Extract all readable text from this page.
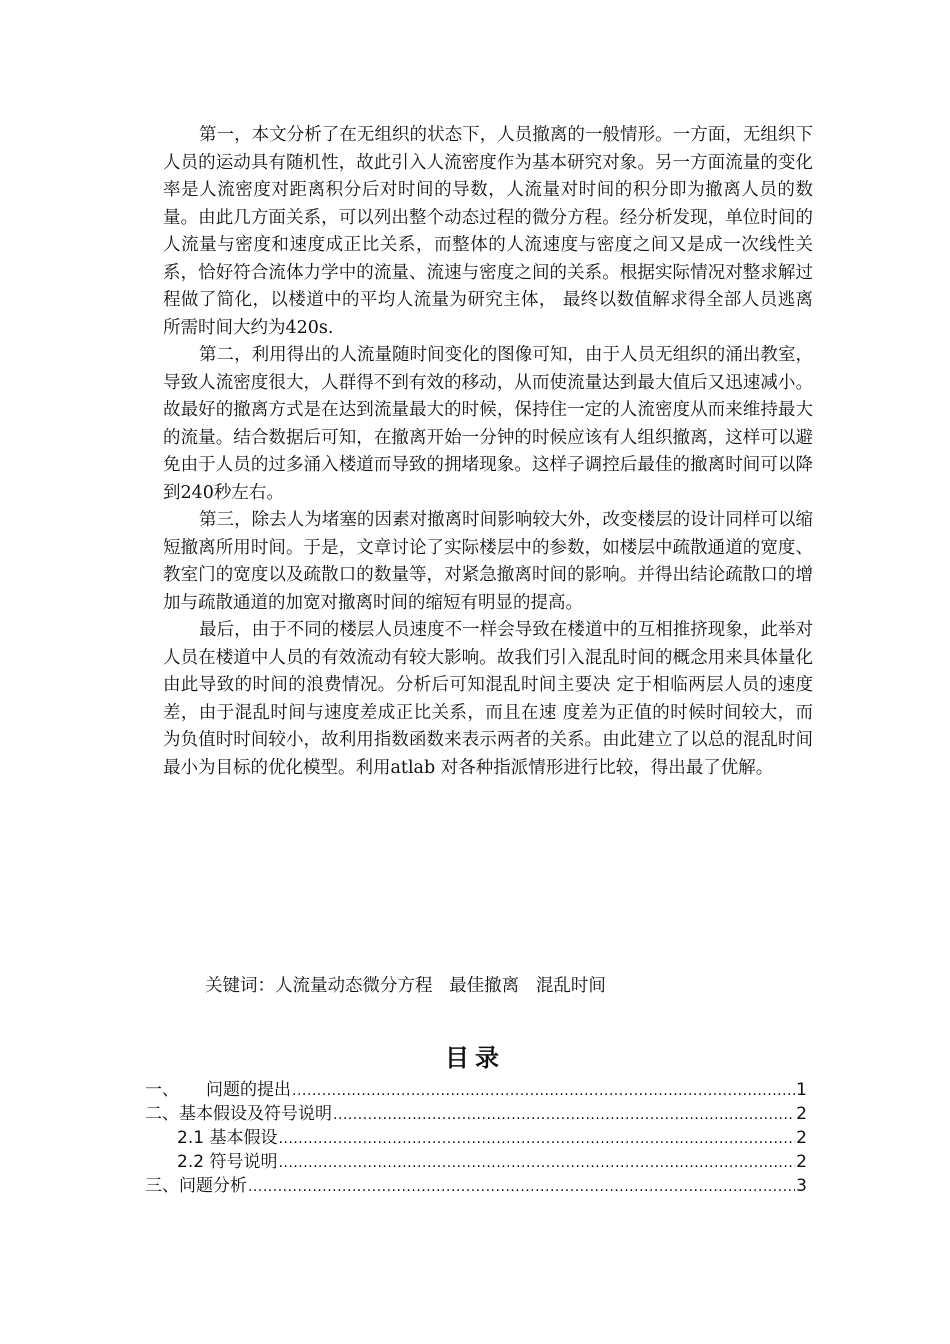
第一，本文分析了在无组织的状态下，人员撤离的一般情形。一方面，无组织下人员的运动具有随机性，故此引入人流密度作为基本研究对象。另一方面流量的变化率是人流密度对距离积分后对时间的导数，人流量对时间的积分即为撤离人员的数量。由此几方面关系，可以列出整个动态过程的微分方程。经分析发现，单位时间的人流量与密度和速度成正比关系，而整体的人流速度与密度之间又是成一次线性关系，恰好符合流体力学中的流量、流速与密度之间的关系。根据实际情况对整求解过程做了简化，以楼道中的平均人流量为研究主体， 最终以数值解求得全部人员逃离所需时间大约为420s.

第二，利用得出的人流量随时间变化的图像可知，由于人员无组织的涌出教室，导致人流密度很大，人群得不到有效的移动，从而使流量达到最大值后又迅速减小。故最好的撤离方式是在达到流量最大的时候，保持住一定的人流密度从而来维持最大的流量。结合数据后可知，在撤离开始一分钟的时候应该有人组织撤离，这样可以避免由于人员的过多涌入楼道而导致的拥堵现象。这样子调控后最佳的撤离时间可以降到240秒左右。

第三，除去人为堵塞的因素对撤离时间影响较大外，改变楼层的设计同样可以缩短撤离所用时间。于是，文章讨论了实际楼层中的参数，如楼层中疏散通道的宽度、教室门的宽度以及疏散口的数量等，对紧急撤离时间的影响。并得出结论疏散口的增加与疏散通道的加宽对撤离时间的缩短有明显的提高。

最后，由于不同的楼层人员速度不一样会导致在楼道中的互相推挤现象，此举对人员在楼道中人员的有效流动有较大影响。故我们引入混乱时间的概念用来具体量化由此导致的时间的浪费情况。分析后可知混乱时间主要决 定于相临两层人员的速度差，由于混乱时间与速度差成正比关系，而且在速 度差为正值的时候时间较大，而为负值时时间较小，故利用指数函数来表示两者的关系。由此建立了以总的混乱时间最小为目标的优化模型。利用atlab 对各种指派情形进行比较，得出最了优解。

关键词：人流量动态微分方程   最佳撤离   混乱时间
目录
一、     问题的提出 .....	1
二、基本假设及符号说明 .....	2
2.1 基本假设 .....	2
2.2 符号说明 .....	2
三、问题分析 .....	3
